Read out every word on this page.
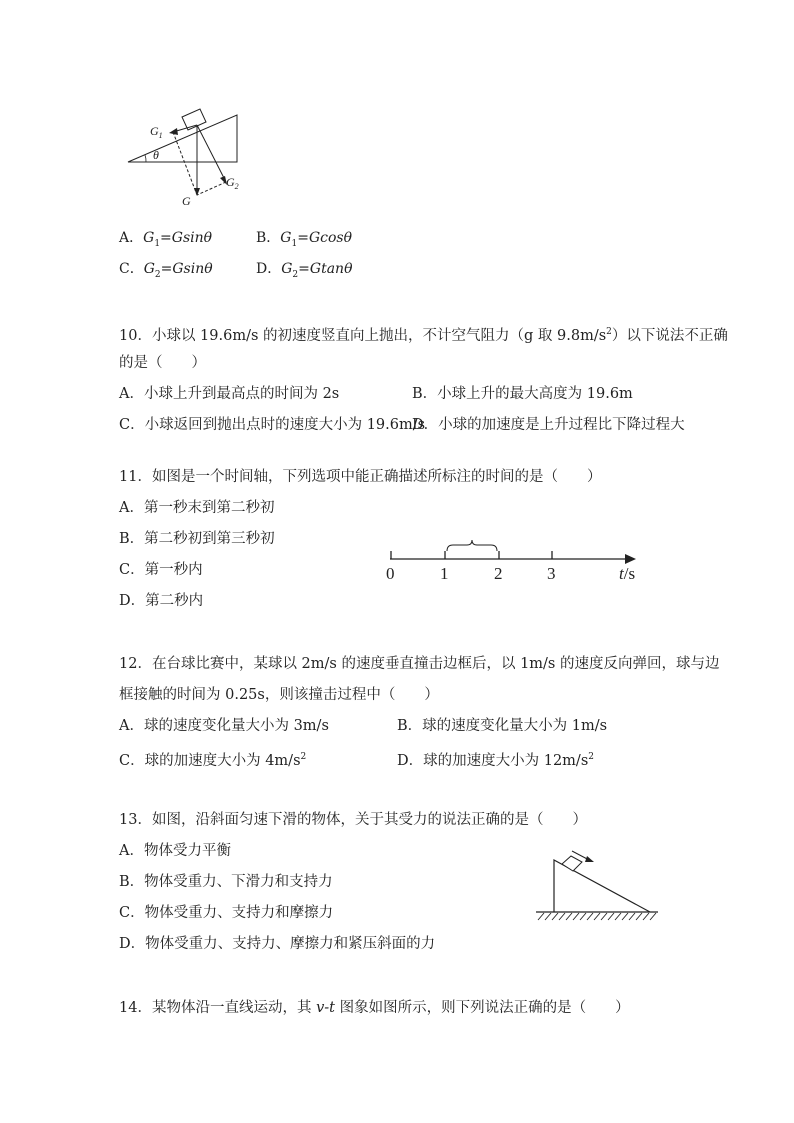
$G_1$
θ
$G_2$
G
A．$G_1=Gsin\theta$	B．$G_1=Gcos\theta$
C．$G_2=Gsin\theta$	D．$G_2=Gtan\theta$
10．小球以 19.6m/s 的初速度竖直向上抛出，不计空气阻力（g 取 $9.8m/s^2$）以下说法不正确
的是（　　）
A．小球上升到最高点的时间为 2s	B．小球上升的最大高度为 19.6m
C．小球返回到抛出点时的速度大小为 19.6m/s
D．小球的加速度是上升过程比下降过程大
11．如图是一个时间轴，下列选项中能正确描述所标注的时间的是（　　）
A．第一秒末到第二秒初
B．第二秒初到第三秒初
C．第一秒内
D．第二秒内
0	1	2	3	t/s
12．在台球比赛中，某球以 2m/s 的速度垂直撞击边框后，以 1m/s 的速度反向弹回，球与边
框接触的时间为 0.25s，则该撞击过程中（　　）
A．球的速度变化量大小为 3m/s	B．球的速度变化量大小为 1m/s
C．球的加速度大小为 $4m/s^2$	D．球的加速度大小为 $12m/s^2$
13．如图，沿斜面匀速下滑的物体，关于其受力的说法正确的是（　　）
A．物体受力平衡
B．物体受重力、下滑力和支持力
C．物体受重力、支持力和摩擦力
D．物体受重力、支持力、摩擦力和紧压斜面的力
14．某物体沿一直线运动，其 v-t 图象如图所示，则下列说法正确的是（　　）
